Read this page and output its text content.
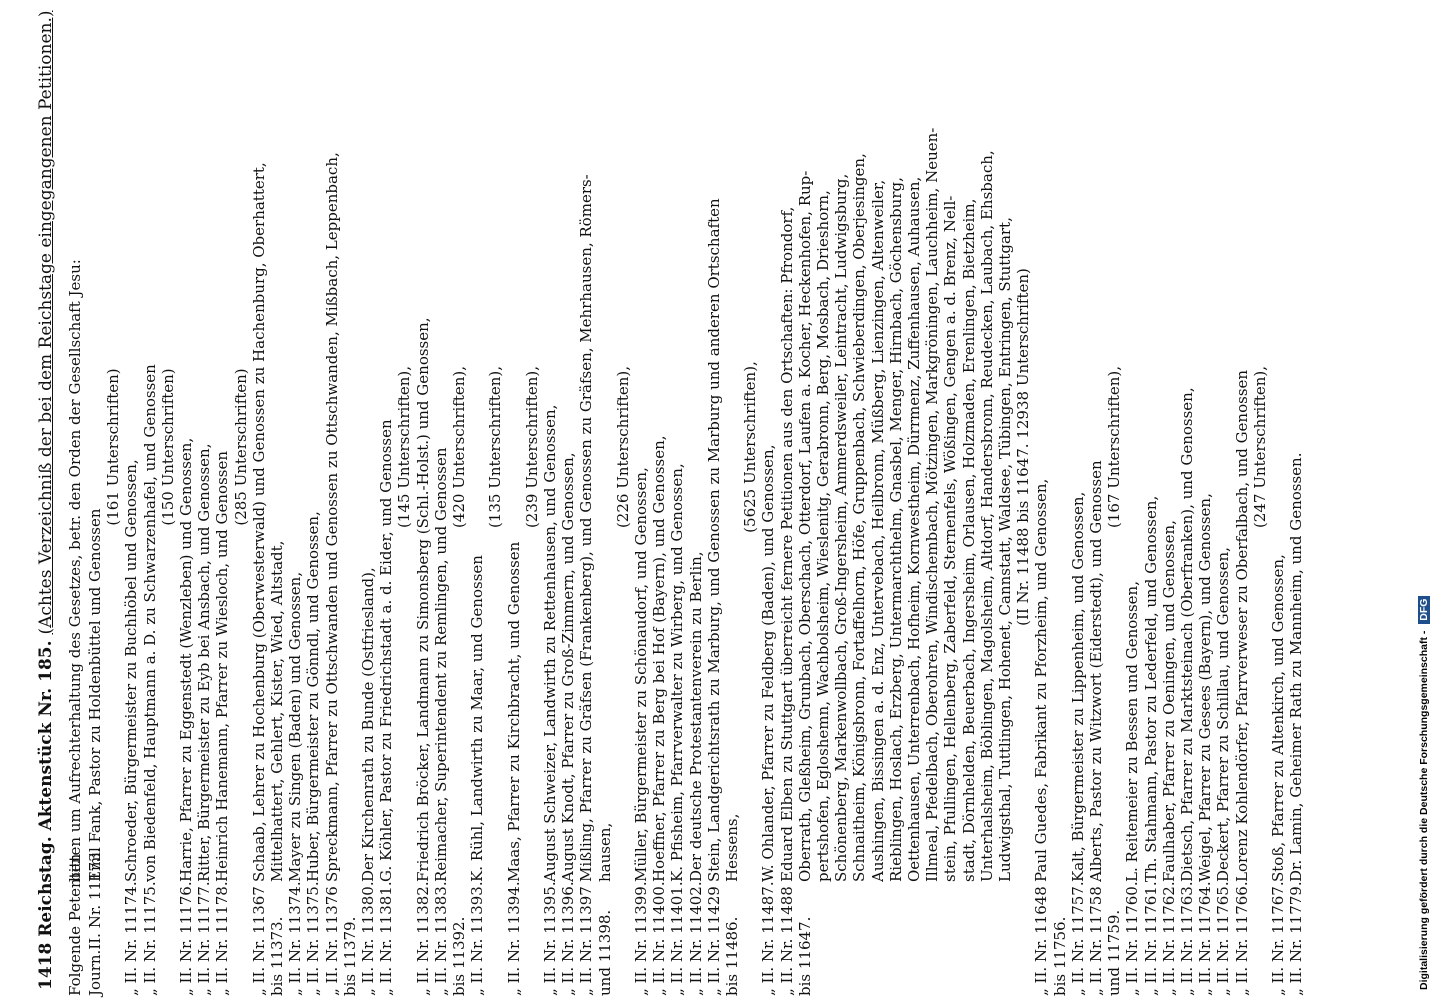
1418 Reichstag. Aktenstück Nr. 185. (Achtes Verzeichniß der bei dem Reichstage eingegangenen Petitionen.)
Folgende Petenten
bitten um Aufrechterhaltung des Gesetzes, betr. den Orden der Gesellschaft Jesu:
Journ.II. Nr. 11173.
Emil Fank, Pastor zu Holdenbüttel und Genossen
(161 Unterschriften)
„ II. Nr. 11174.
Schroeder, Bürgermeister zu Buchhöbel und Genossen,
„ II. Nr. 11175.
von Biedenfeld, Hauptmann a. D. zu Schwarzenhafel, und Genossen (150 Unterschriften)
„ II. Nr. 11176.
Harrie, Pfarrer zu Eggenstedt (Wenzleben) und Genossen,
„ II. Nr. 11177.
Ritter, Bürgermeister zu Eyb bei Ansbach, und Genossen,
„ II. Nr. 11178.
Heinrich Hanemann, Pfarrer zu Wiesloch, und Genossen
(285 Unterschriften)
„ II. Nr. 11367
Schaab, Lehrer zu Hochenburg (Oberwesterwald) und Genossen zu Hachenburg, Oberhattert,
bis 11373.
Mittelhattert, Gehlert, Kister, Wied, Altstadt,
„ II. Nr. 11374.
Mayer zu Singen (Baden) und Genossen,
„ II. Nr. 11375.
Huber, Bürgermeister zu Gönndl, und Genossen,
„ II. Nr. 11376
Spreckmann, Pfarrer zu Ottschwanden und Genossen zu Ottschwanden, Mißbach, Leppenbach,
bis 11379. „ II. Nr. 11380.
Der Kirchenrath zu Bunde (Ostfriesland),
„ II. Nr. 11381.
G. Köhler, Pastor zu Friedrichstadt a. d. Eider, und Genossen (145 Unterschriften),
„ II. Nr. 11382.
Friedrich Bröcker, Landmann zu Simonsberg (Schl.-Holst.) und Genossen,
„ II. Nr. 11383.
Reimacher, Superintendent zu Remlingen, und Genossen
bis 11392.
(420 Unterschriften),
„ II. Nr. 11393.
K. Rühl, Landwirth zu Maar, und Genossen
(135 Unterschriften),
„ II. Nr. 11394.
Maas, Pfarrer zu Kirchbracht, und Genossen
(239 Unterschriften),
„ II. Nr. 11395.
August Schweizer, Landwirth zu Rettenhausen, und Genossen,
„ II. Nr. 11396.
August Knodt, Pfarrer zu Groß-Zimmern, und Genossen,
„ II. Nr. 11397
Mißling, Pfarrer zu Gräfsen (Frankenberg), und Genossen zu Gräfsen, Mehrhausen, Römers-
und 11398.
hausen,
(226 Unterschriften),
„ II. Nr. 11399.
Müller, Bürgermeister zu Schönaudorf, und Genossen,
„ II. Nr. 11400.
Hoeffner, Pfarrer zu Berg bei Hof (Bayern), und Genossen,
„ II. Nr. 11401.
K. Pfisheim, Pfarrverwalter zu Wirberg, und Genossen,
„ II. Nr. 11402.
Der deutsche Protestantenverein zu Berlin,
„ II. Nr. 11429
Stein, Landgerichtsrath zu Marburg, und Genossen zu Marburg und anderen Ortschaften
bis 11486.
Hessens,
(5625 Unterschriften),
„ II. Nr. 11487.
W. Ohlander, Pfarrer zu Feldberg (Baden), und Genossen,
„ II. Nr. 11488
Eduard Elben zu Stuttgart überreicht fernere Petitionen aus den Ortschaften: Pfrondorf,
bis 11647.
Oberrath, Gleßheim, Grunbach, Oberschach, Otterdorf, Laufen a. Kocher, Heckenhofen, Rup- pertshofen, Egloshemn, Wachbolsheim, Wieslenitg, Gerabronn, Berg, Mosbach, Drieshorn, Schönenberg, Markenwollbach, Groß-Ingersheim, Ammerdsweiler, Leintracht, Ludwigsburg, Schnaitheim, Königsbronn, Fortaffelhorn, Höfe, Gruppenbach, Schwieberdingen, Oberjesingen, Aushingen, Bissingen a. d. Enz, Untervebach, Heilbronn, Müßberg, Lienzingen, Altenweiler, Rieblingen, Hoslach, Erzberg, Untermarchthelm, Gnasbel, Menger, Hirnbach, Göchensburg, Oettenhausen, Unterrenbach, Hofheim, Kornwestheim, Dürrmenz, Zuffenhausen, Auhausen, Illmeal, Pfedelbach, Oberohren, Windischembach, Mötzingen, Markgröningen, Lauchheim, Neuen- stein, Pfullingen, Hellenberg, Zaberfeld, Sternenfels, Wößingen, Gengen a. d. Brenz, Nell- stadt, Dörnhelden, Beuerbach, Ingersheim, Orlausen, Holzmaden, Erenlingen, Bietzheim, Unterhalsheim, Böblingen, Magolsheim, Altdorf, Handersbronn, Reudecken, Laubach, Ehsbach, Ludwigsthal, Tuttlingen, Hohenet, Cannstatt, Waldsee, Tübingen, Entringen, Stuttgart, (II Nr. 11488 bis 11647. 12938 Unterschriften)
„ II. Nr. 11648
Paul Guedes, Fabrikant zu Pforzheim, und Genossen,
bis 11756. „ II. Nr. 11757.
Kalt, Bürgermeister zu Lippenheim, und Genossen,
„ II. Nr. 11758
Alberts, Pastor zu Witzwort (Eiderstedt), und Genossen
und 11759.
(167 Unterschriften),
„ II. Nr. 11760.
L. Reitemeier zu Bessen und Genossen,
„ II. Nr. 11761.
Th. Stahmann, Pastor zu Lederfeld, und Genossen,
„ II. Nr. 11762.
Faulhaber, Pfarrer zu Oeningen, und Genossen,
„ II. Nr. 11763.
Dietsch, Pfarrer zu Marktsteinach (Oberfranken), und Genossen,
„ II. Nr. 11764.
Weigel, Pfarrer zu Gesees (Bayern), und Genossen,
„ II. Nr. 11765.
Deckert, Pfarrer zu Schillau, und Genossen,
„ II. Nr. 11766.
Lorenz Kohlendörfer, Pfarrverweser zu Oberfalbach, und Genossen (247 Unterschriften),
„ II. Nr. 11767.
Stoß, Pfarrer zu Altenkirch, und Genossen,
„ II. Nr. 11779.
Dr. Lamin, Geheimer Rath zu Mannheim, und Genossen.	Digitalisierung gefördert durch die Deutsche Forschungsgemeinschaft - DFG
